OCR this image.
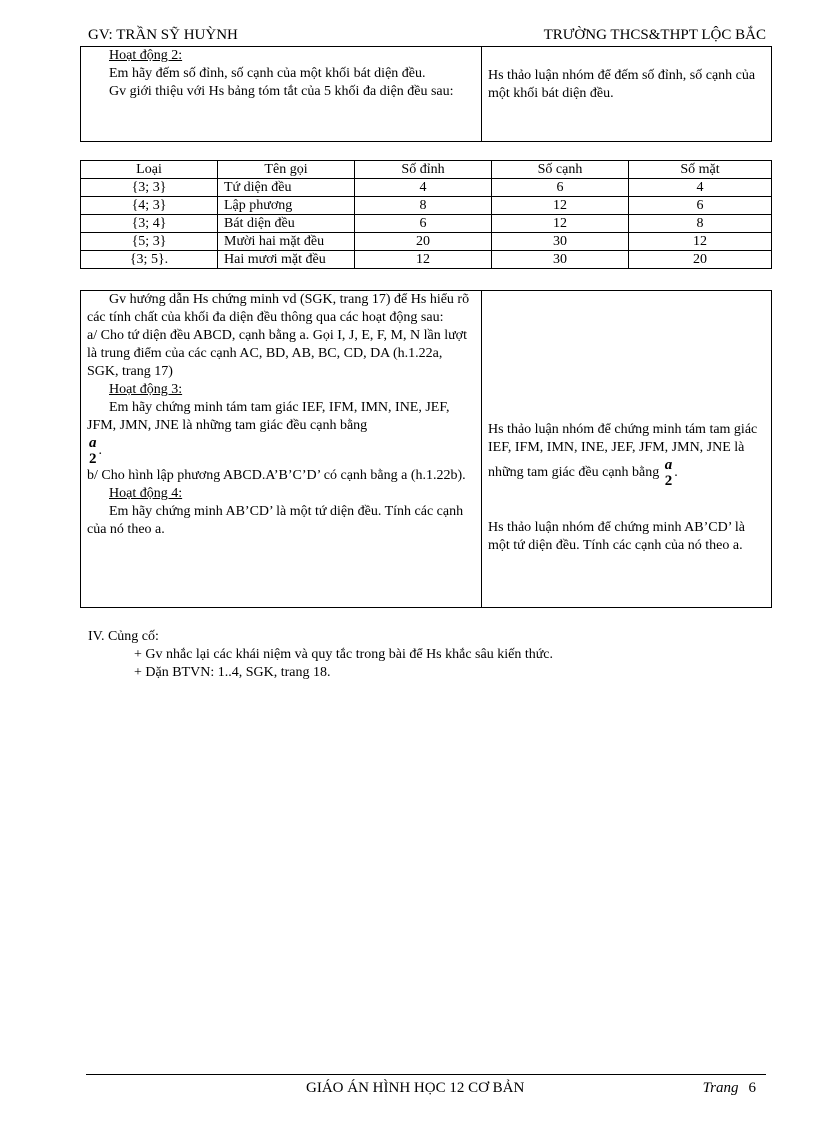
GV: TRẦN SỸ HUỲNH	TRƯỜNG THCS&THPT LỘC BẮC
Hoạt động 2:
Em hãy đếm số đỉnh, số cạnh của một khối bát diện đều.
Gv giới thiệu với Hs bảng tóm tắt của 5 khối đa diện đều sau:

Hs thảo luận nhóm để đếm số đỉnh, số cạnh của một khối bát diện đều.
Loại	Tên gọi	Số đỉnh	Số cạnh	Số mặt
{3; 3}	Tứ diện đều	4	6	4
{4; 3}	Lập phương	8	12	6
{3; 4}	Bát diện đều	6	12	8
{5; 3}	Mười hai mặt đều	20	30	12
{3; 5}.	Hai mươi mặt đều	12	30	20
Gv hướng dẫn Hs chứng minh vd (SGK, trang 17) để Hs hiểu rõ các tính chất của khối đa diện đều thông qua các hoạt động sau:
a/ Cho tứ diện đều ABCD, cạnh bằng a. Gọi I, J, E, F, M, N lần lượt là trung điểm của các cạnh AC, BD, AB, BC, CD, DA (h.1.22a, SGK, trang 17)
Hoạt động 3:
Em hãy chứng minh tám tam giác IEF, IFM, IMN, INE, JEF, JFM, JMN, JNE là những tam giác đều cạnh bằng
a
2
.
b/ Cho hình lập phương ABCD.A’B’C’D’ có cạnh bằng a (h.1.22b).
Hoạt động 4:
Em hãy chứng minh AB’CD’ là một tứ diện đều. Tính các cạnh của nó theo a.

Hs thảo luận nhóm để chứng minh tám tam giác IEF, IFM, IMN, INE, JEF, JFM, JMN, JNE là những tam giác đều cạnh bằng a
2
.
Hs thảo luận nhóm để chứng minh AB’CD’ là một tứ diện đều. Tính các cạnh của nó theo a.

IV. Củng cố:

+ Gv nhắc lại các khái niệm và quy tắc trong bài để Hs khắc sâu kiến thức.

+ Dặn BTVN: 1..4, SGK, trang 18.

GIÁO ÁN HÌNH HỌC 12 CƠ BẢN	Trang 6
